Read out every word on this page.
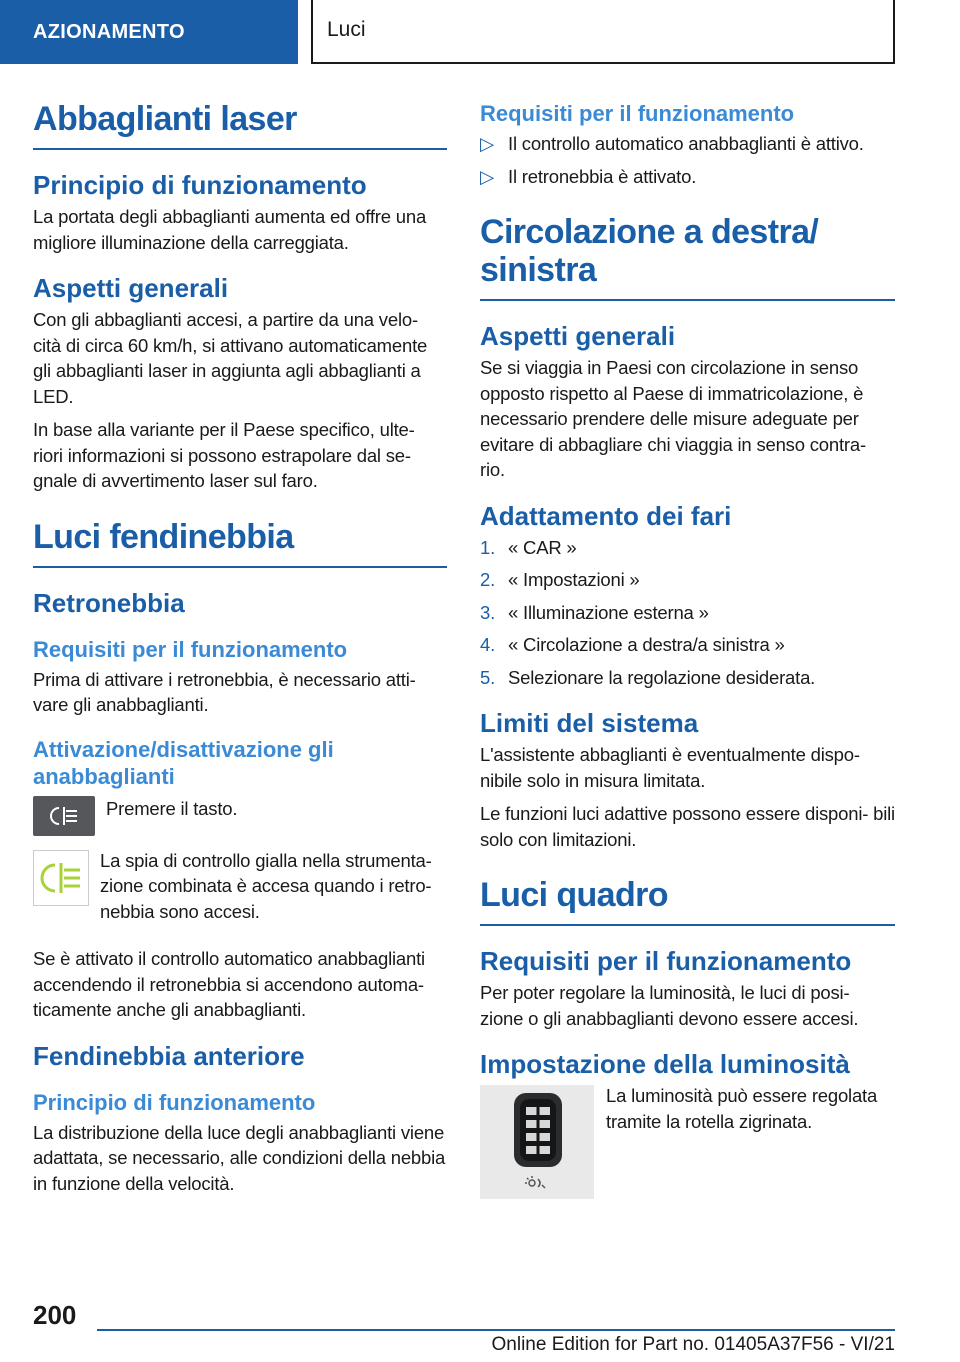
AZIONAMENTO	Luci
Abbaglianti laser
Principio di funzionamento
La portata degli abbaglianti aumenta ed offre una migliore illuminazione della carreggiata.
Aspetti generali
Con gli abbaglianti accesi, a partire da una velo- cità di circa 60 km/h, si attivano automaticamente gli abbaglianti laser in aggiunta agli abbaglianti a LED.
In base alla variante per il Paese specifico, ulte- riori informazioni si possono estrapolare dal se- gnale di avvertimento laser sul faro.
Luci fendinebbia
Retronebbia
Requisiti per il funzionamento
Prima di attivare i retronebbia, è necessario atti- vare gli anabbaglianti.
Attivazione/disattivazione gli anabbaglianti
Premere il tasto.
La spia di controllo gialla nella strumenta- zione combinata è accesa quando i retro- nebbia sono accesi.
Se è attivato il controllo automatico anabbaglianti accendendo il retronebbia si accendono automa- ticamente anche gli anabbaglianti.
Fendinebbia anteriore
Principio di funzionamento
La distribuzione della luce degli anabbaglianti viene adattata, se necessario, alle condizioni della nebbia in funzione della velocità.
Requisiti per il funzionamento
▷ Il controllo automatico anabbaglianti è attivo.
▷ Il retronebbia è attivato.
Circolazione a destra/ sinistra
Aspetti generali
Se si viaggia in Paesi con circolazione in senso opposto rispetto al Paese di immatricolazione, è necessario prendere delle misure adeguate per evitare di abbagliare chi viaggia in senso contra- rio.
Adattamento dei fari
1. « CAR »
2. « Impostazioni »
3. « Illuminazione esterna »
4. « Circolazione a destra/a sinistra »
5. Selezionare la regolazione desiderata.
Limiti del sistema
L'assistente abbaglianti è eventualmente dispo- nibile solo in misura limitata.
Le funzioni luci adattive possono essere disponi- bili solo con limitazioni.
Luci quadro
Requisiti per il funzionamento
Per poter regolare la luminosità, le luci di posi- zione o gli anabbaglianti devono essere accesi.
Impostazione della luminosità
La luminosità può essere regolata tramite la rotella zigrinata.
200
Online Edition for Part no. 01405A37F56 - VI/21
